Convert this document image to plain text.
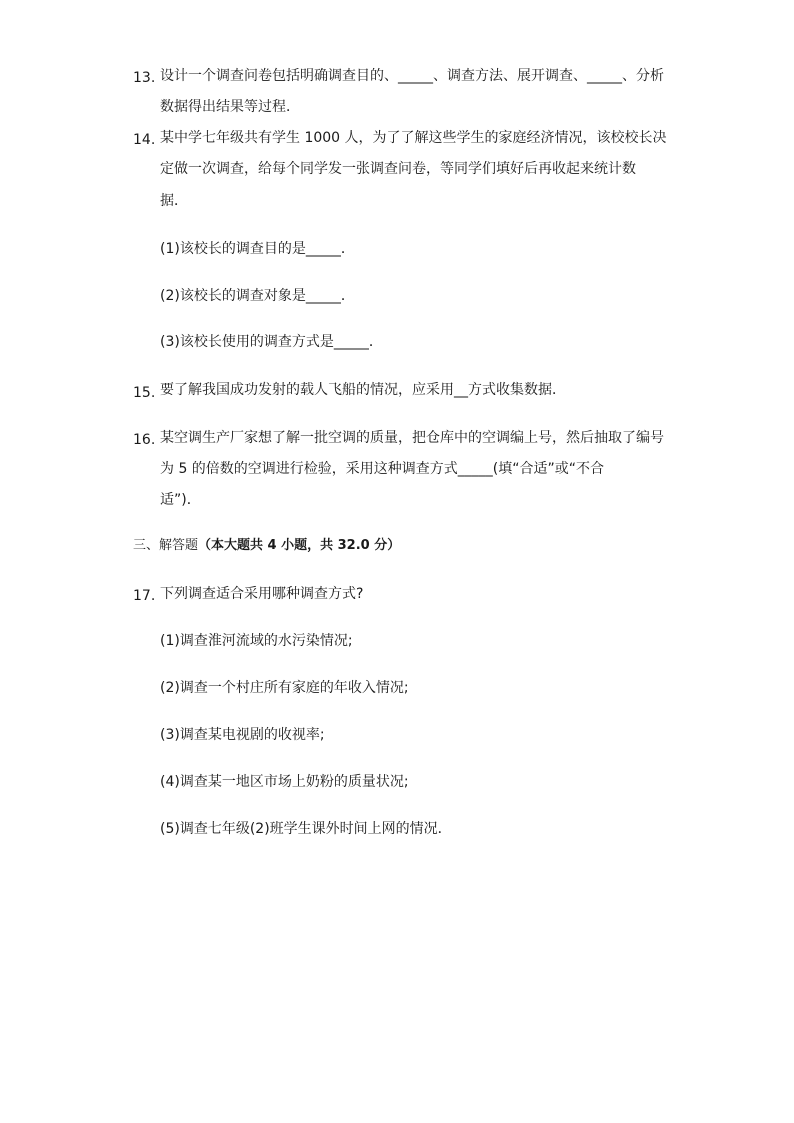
13. 设计一个调查问卷包括明确调查目的、_____、调查方法、展开调查、_____、分析
数据得出结果等过程．
14. 某中学七年级共有学生 1000 人，为了了解这些学生的家庭经济情况，该校校长决
定做一次调查，给每个同学发一张调查问卷，等同学们填好后再收起来统计数
据．
(1)该校长的调查目的是_____．
(2)该校长的调查对象是_____．
(3)该校长使用的调查方式是_____．
15. 要了解我国成功发射的载人飞船的情况，应采用__方式收集数据．
16. 某空调生产厂家想了解一批空调的质量，把仓库中的空调编上号，然后抽取了编号
为 5 的倍数的空调进行检验，采用这种调查方式_____(填“合适”或“不合
适”)．
三、解答题（本大题共 4 小题，共 32.0 分）
17. 下列调查适合采用哪种调查方式?
(1)调查淮河流域的水污染情况;
(2)调查一个村庄所有家庭的年收入情况;
(3)调查某电视剧的收视率;
(4)调查某一地区市场上奶粉的质量状况;
(5)调查七年级(2)班学生课外时间上网的情况．
